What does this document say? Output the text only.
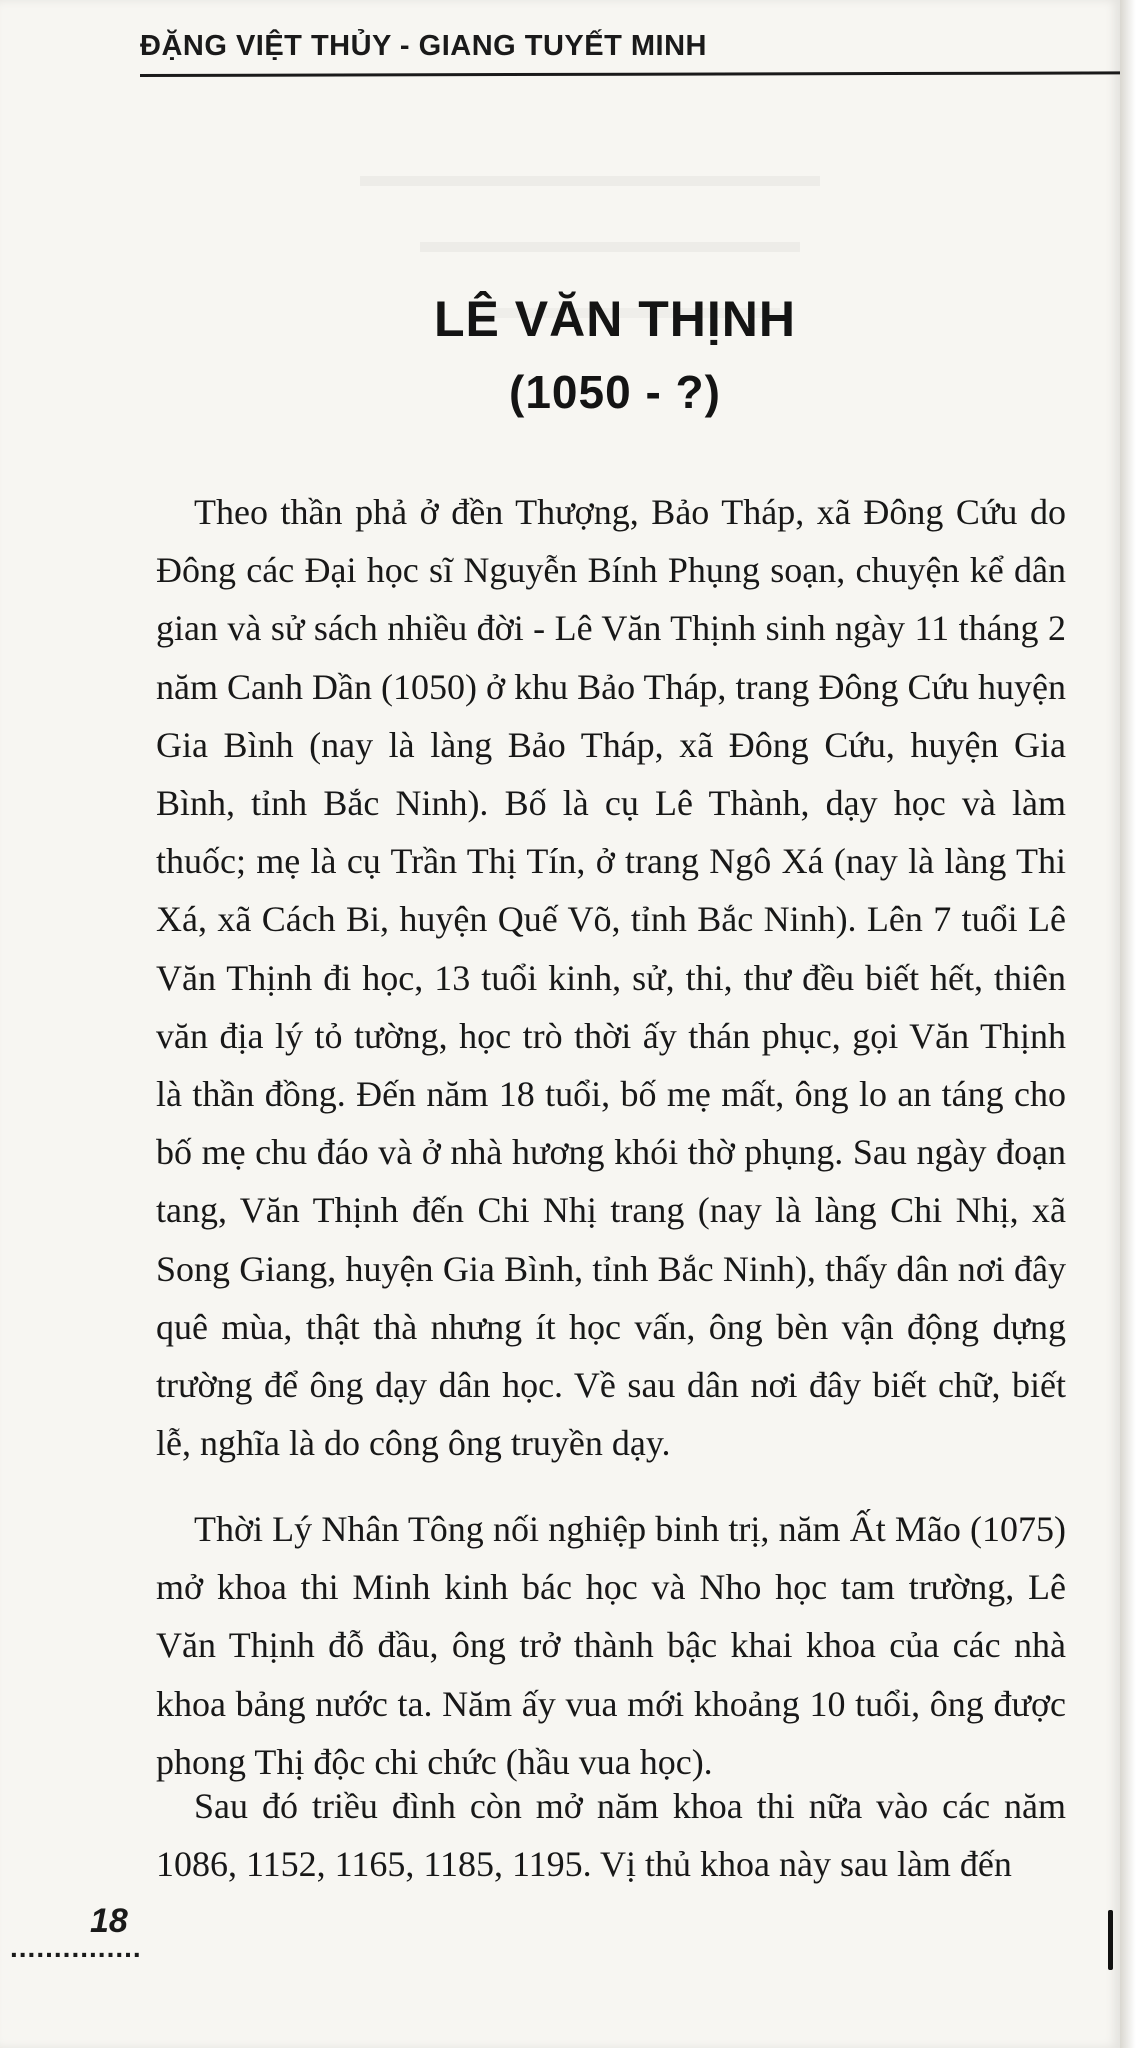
ĐẶNG VIỆT THỦY - GIANG TUYẾT MINH
LÊ VĂN THỊNH
(1050 - ?)

Theo thần phả ở đền Thượng, Bảo Tháp, xã Đông Cứu do Đông các Đại học sĩ Nguyễn Bính Phụng soạn, chuyện kể dân gian và sử sách nhiều đời - Lê Văn Thịnh sinh ngày 11 tháng 2 năm Canh Dần (1050) ở khu Bảo Tháp, trang Đông Cứu huyện Gia Bình (nay là làng Bảo Tháp, xã Đông Cứu, huyện Gia Bình, tỉnh Bắc Ninh). Bố là cụ Lê Thành, dạy học và làm thuốc; mẹ là cụ Trần Thị Tín, ở trang Ngô Xá (nay là làng Thi Xá, xã Cách Bi, huyện Quế Võ, tỉnh Bắc Ninh). Lên 7 tuổi Lê Văn Thịnh đi học, 13 tuổi kinh, sử, thi, thư đều biết hết, thiên văn địa lý tỏ tường, học trò thời ấy thán phục, gọi Văn Thịnh là thần đồng. Đến năm 18 tuổi, bố mẹ mất, ông lo an táng cho bố mẹ chu đáo và ở nhà hương khói thờ phụng. Sau ngày đoạn tang, Văn Thịnh đến Chi Nhị trang (nay là làng Chi Nhị, xã Song Giang, huyện Gia Bình, tỉnh Bắc Ninh), thấy dân nơi đây quê mùa, thật thà nhưng ít học vấn, ông bèn vận động dựng trường để ông dạy dân học. Về sau dân nơi đây biết chữ, biết lễ, nghĩa là do công ông truyền dạy.

Thời Lý Nhân Tông nối nghiệp binh trị, năm Ất Mão (1075) mở khoa thi Minh kinh bác học và Nho học tam trường, Lê Văn Thịnh đỗ đầu, ông trở thành bậc khai khoa của các nhà khoa bảng nước ta. Năm ấy vua mới khoảng 10 tuổi, ông được phong Thị độc chi chức (hầu vua học).

Sau đó triều đình còn mở năm khoa thi nữa vào các năm 1086, 1152, 1165, 1185, 1195. Vị thủ khoa này sau làm đến

18
...............
